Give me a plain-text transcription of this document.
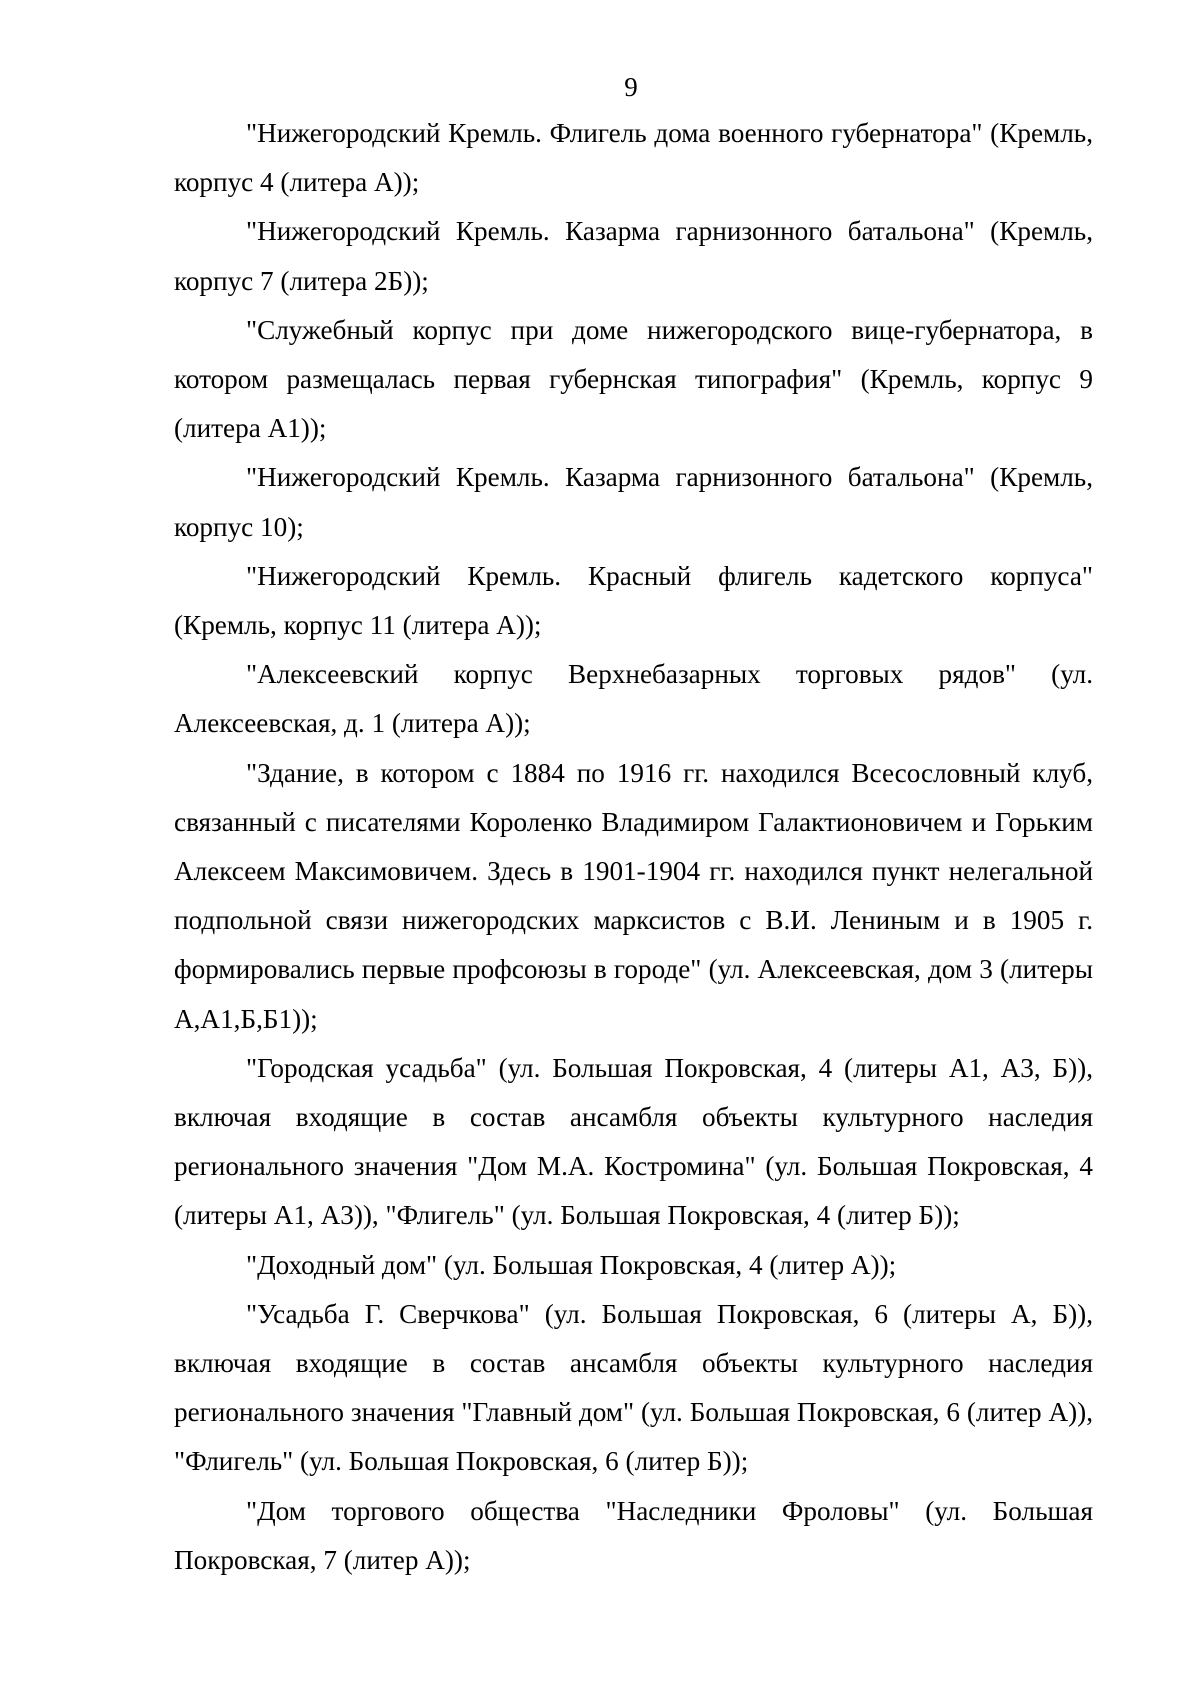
9

"Нижегородский Кремль. Флигель дома военного губернатора" (Кремль, корпус 4 (литера А));

"Нижегородский Кремль. Казарма гарнизонного батальона" (Кремль, корпус 7 (литера 2Б));

"Служебный корпус при доме нижегородского вице-губернатора, в котором размещалась первая губернская типография" (Кремль, корпус 9 (литера А1));

"Нижегородский Кремль. Казарма гарнизонного батальона" (Кремль, корпус 10);

"Нижегородский Кремль. Красный флигель кадетского корпуса" (Кремль, корпус 11 (литера А));

"Алексеевский корпус Верхнебазарных торговых рядов" (ул. Алексеевская, д. 1 (литера А));

"Здание, в котором с 1884 по 1916 гг. находился Всесословный клуб, связанный с писателями Короленко Владимиром Галактионовичем и Горьким Алексеем Максимовичем. Здесь в 1901-1904 гг. находился пункт нелегальной подпольной связи нижегородских марксистов с В.И. Лениным и в 1905 г. формировались первые профсоюзы в городе" (ул. Алексеевская, дом 3 (литеры А,А1,Б,Б1));

"Городская усадьба" (ул. Большая Покровская, 4 (литеры А1, А3, Б)), включая входящие в состав ансамбля объекты культурного наследия регионального значения "Дом М.А. Костромина" (ул. Большая Покровская, 4 (литеры А1, А3)), "Флигель" (ул. Большая Покровская, 4 (литер Б));

"Доходный дом" (ул. Большая Покровская, 4 (литер А));

"Усадьба Г. Сверчкова" (ул. Большая Покровская, 6 (литеры А, Б)), включая входящие в состав ансамбля объекты культурного наследия регионального значения "Главный дом" (ул. Большая Покровская, 6 (литер А)), "Флигель" (ул. Большая Покровская, 6 (литер Б));

"Дом торгового общества "Наследники Фроловы" (ул. Большая Покровская, 7 (литер А));
